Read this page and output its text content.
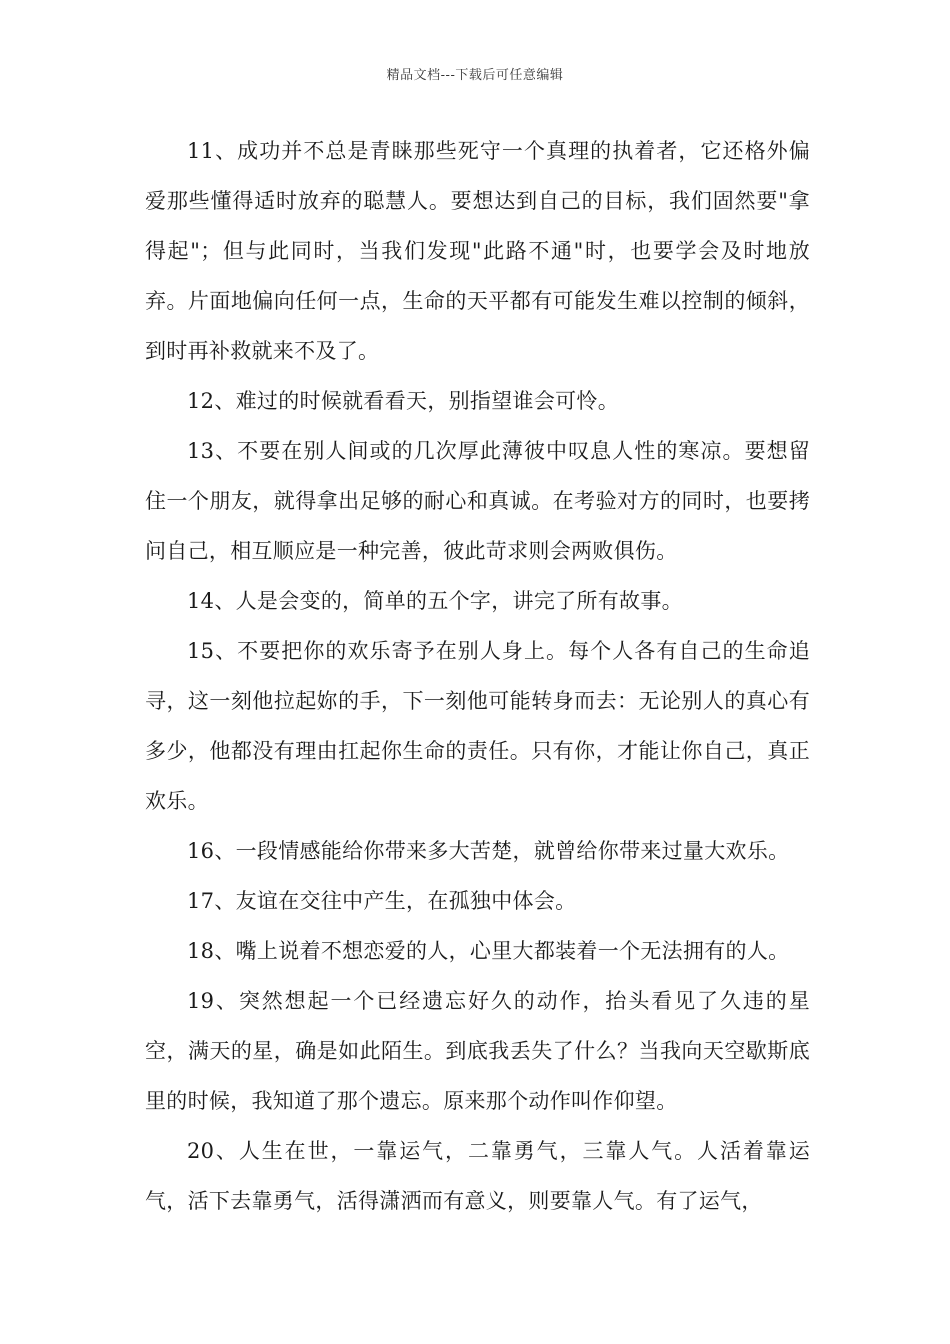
精品文档---下载后可任意编辑

11、成功并不总是青睐那些死守一个真理的执着者，它还格外偏爱那些懂得适时放弃的聪慧人。要想达到自己的目标，我们固然要"拿得起"；但与此同时，当我们发现"此路不通"时，也要学会及时地放弃。片面地偏向任何一点，生命的天平都有可能发生难以控制的倾斜，到时再补救就来不及了。

12、难过的时候就看看天，别指望谁会可怜。

13、不要在别人间或的几次厚此薄彼中叹息人性的寒凉。要想留住一个朋友，就得拿出足够的耐心和真诚。在考验对方的同时，也要拷问自己，相互顺应是一种完善，彼此苛求则会两败俱伤。

14、人是会变的，简单的五个字，讲完了所有故事。

15、不要把你的欢乐寄予在别人身上。每个人各有自己的生命追寻，这一刻他拉起妳的手，下一刻他可能转身而去：无论别人的真心有多少，他都没有理由扛起你生命的责任。只有你，才能让你自己，真正欢乐。

16、一段情感能给你带来多大苦楚，就曾给你带来过量大欢乐。

17、友谊在交往中产生，在孤独中体会。

18、嘴上说着不想恋爱的人，心里大都装着一个无法拥有的人。

19、突然想起一个已经遗忘好久的动作，抬头看见了久违的星空，满天的星，确是如此陌生。到底我丢失了什么？当我向天空歇斯底里的时候，我知道了那个遗忘。原来那个动作叫作仰望。

20、人生在世，一靠运气，二靠勇气，三靠人气。人活着靠运气，活下去靠勇气，活得潇洒而有意义，则要靠人气。有了运气，
